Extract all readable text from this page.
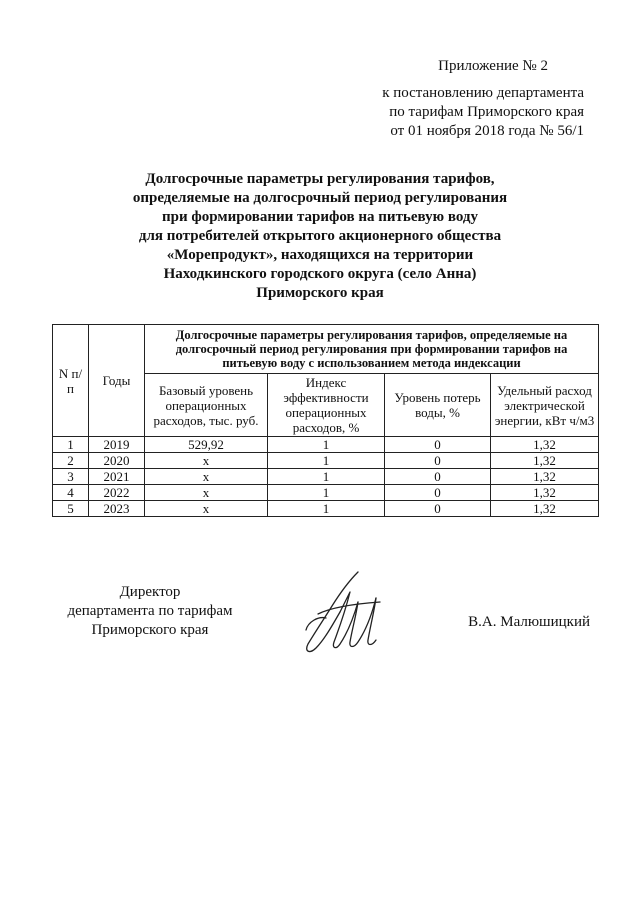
Приложение № 2
к постановлению департамента
по тарифам Приморского края
от 01 ноября 2018 года № 56/1
Долгосрочные параметры регулирования тарифов,
определяемые на долгосрочный период регулирования
при формировании тарифов на питьевую воду
для потребителей открытого акционерного общества
«Морепродукт», находящихся на территории
Находкинского городского округа (село Анна)
Приморского края
N п/п	Годы	Долгосрочные параметры регулирования тарифов, определяемые на долгосрочный период регулирования при формировании тарифов на питьевую воду с использованием метода индексации			
		Базовый уровень операционных расходов, тыс. руб.	Индекс эффективности операционных расходов, %	Уровень потерь воды, %	Удельный расход электрической энергии, кВт ч/м3
1	2019	529,92	1	0	1,32
2	2020	х	1	0	1,32
3	2021	х	1	0	1,32
4	2022	х	1	0	1,32
5	2023	х	1	0	1,32
Директор
департамента по тарифам
Приморского края	В.А. Малюшицкий
